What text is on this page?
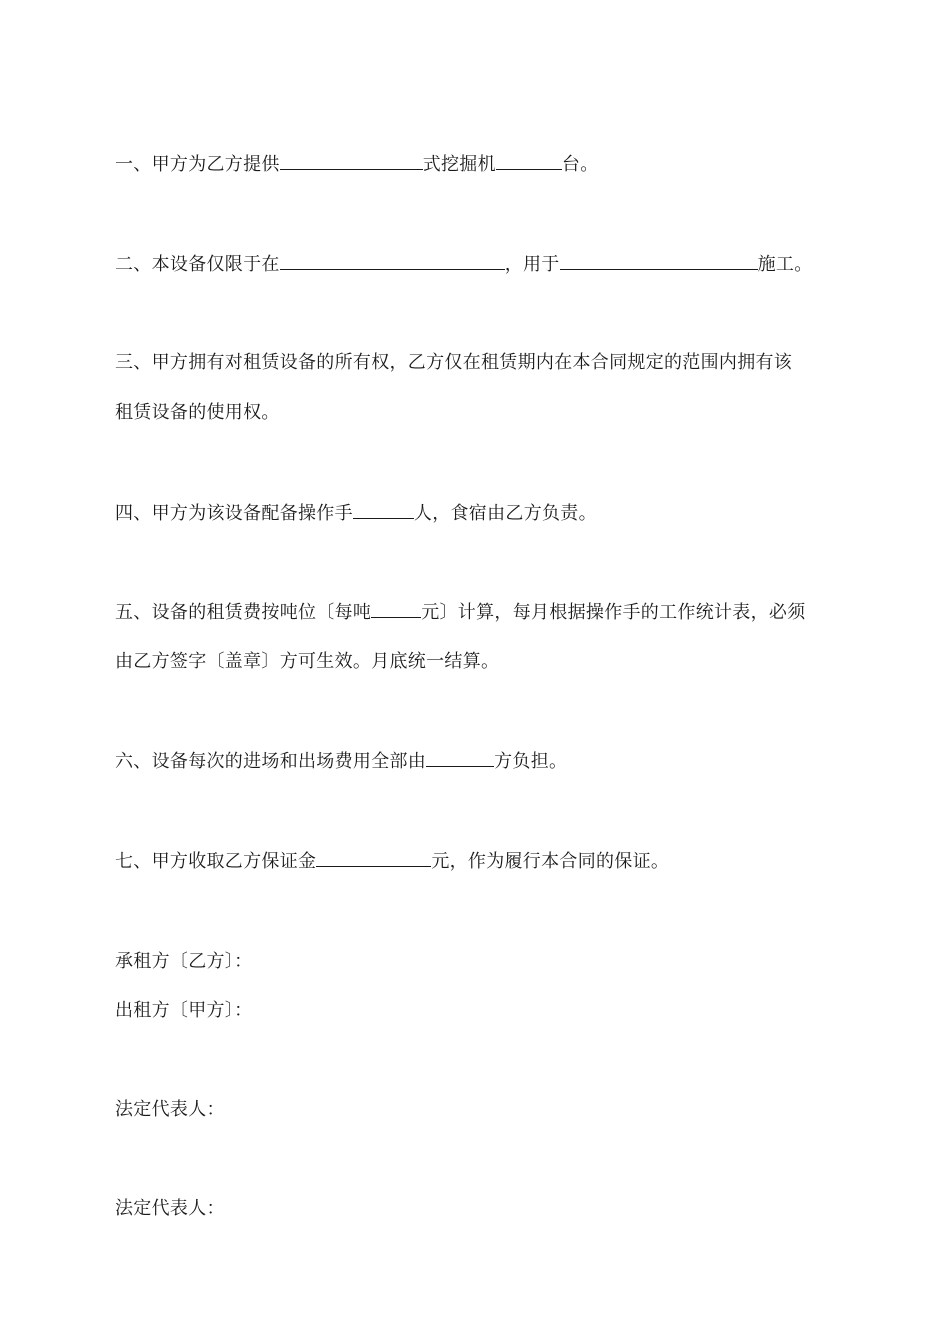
一、甲方为乙方提供	式挖掘机	台。
二、本设备仅限于在	，用于	施工。
三、甲方拥有对租赁设备的所有权，乙方仅在租赁期内在本合同规定的范围内拥有该
租赁设备的使用权。
四、甲方为该设备配备操作手	人，食宿由乙方负责。
五、设备的租赁费按吨位〔每吨	元〕计算，每月根据操作手的工作统计表，必须
由乙方签字〔盖章〕方可生效。月底统一结算。
六、设备每次的进场和出场费用全部由	方负担。
七、甲方收取乙方保证金	元，作为履行本合同的保证。
承租方〔乙方〕：
出租方〔甲方〕：
法定代表人：
法定代表人：
